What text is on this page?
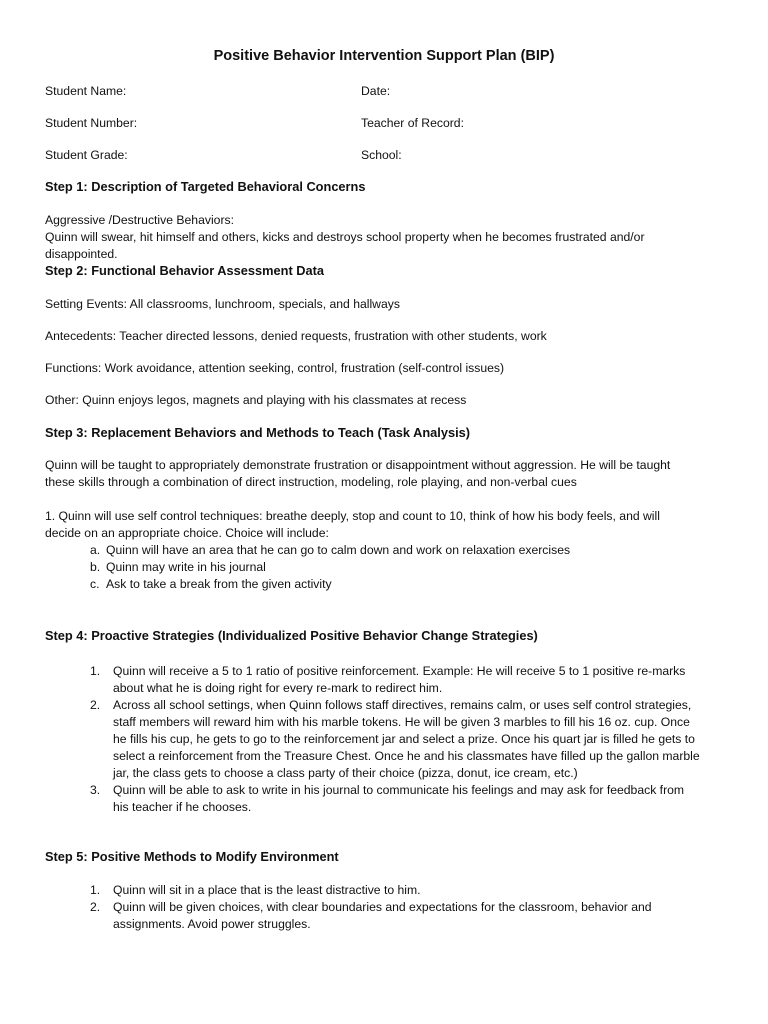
Positive Behavior Intervention Support Plan (BIP)
Student Name:	Date:
Student Number:	Teacher of Record:
Student Grade:	School:
Step 1: Description of Targeted Behavioral Concerns
Aggressive /Destructive Behaviors:
Quinn will swear, hit himself and others, kicks and destroys school property when he becomes frustrated and/or
disappointed.
Step 2: Functional Behavior Assessment Data
Setting Events: All classrooms, lunchroom, specials, and hallways
Antecedents: Teacher directed lessons, denied requests, frustration with other students, work
Functions: Work avoidance, attention seeking, control, frustration (self-control issues)
Other: Quinn enjoys legos, magnets and playing with his classmates at recess
Step 3: Replacement Behaviors and Methods to Teach (Task Analysis)
Quinn will be taught to appropriately demonstrate frustration or disappointment without aggression. He will be taught
these skills through a combination of direct instruction, modeling, role playing, and non-verbal cues
1. Quinn will use self control techniques: breathe deeply, stop and count to 10, think of how his body feels, and will
decide on an appropriate choice. Choice will include:
a. Quinn will have an area that he can go to calm down and work on relaxation exercises
b. Quinn may write in his journal
c. Ask to take a break from the given activity
Step 4: Proactive Strategies (Individualized Positive Behavior Change Strategies)
1. Quinn will receive a 5 to 1 ratio of positive reinforcement. Example: He will receive 5 to 1 positive re-marks
about what he is doing right for every re-mark to redirect him.
2. Across all school settings, when Quinn follows staff directives, remains calm, or uses self control strategies,
staff members will reward him with his marble tokens. He will be given 3 marbles to fill his 16 oz. cup. Once
he fills his cup, he gets to go to the reinforcement jar and select a prize. Once his quart jar is filled he gets to
select a reinforcement from the Treasure Chest. Once he and his classmates have filled up the gallon marble
jar, the class gets to choose a class party of their choice (pizza, donut, ice cream, etc.)
3. Quinn will be able to ask to write in his journal to communicate his feelings and may ask for feedback from
his teacher if he chooses.
Step 5: Positive Methods to Modify Environment
1. Quinn will sit in a place that is the least distractive to him.
2. Quinn will be given choices, with clear boundaries and expectations for the classroom, behavior and
assignments. Avoid power struggles.
